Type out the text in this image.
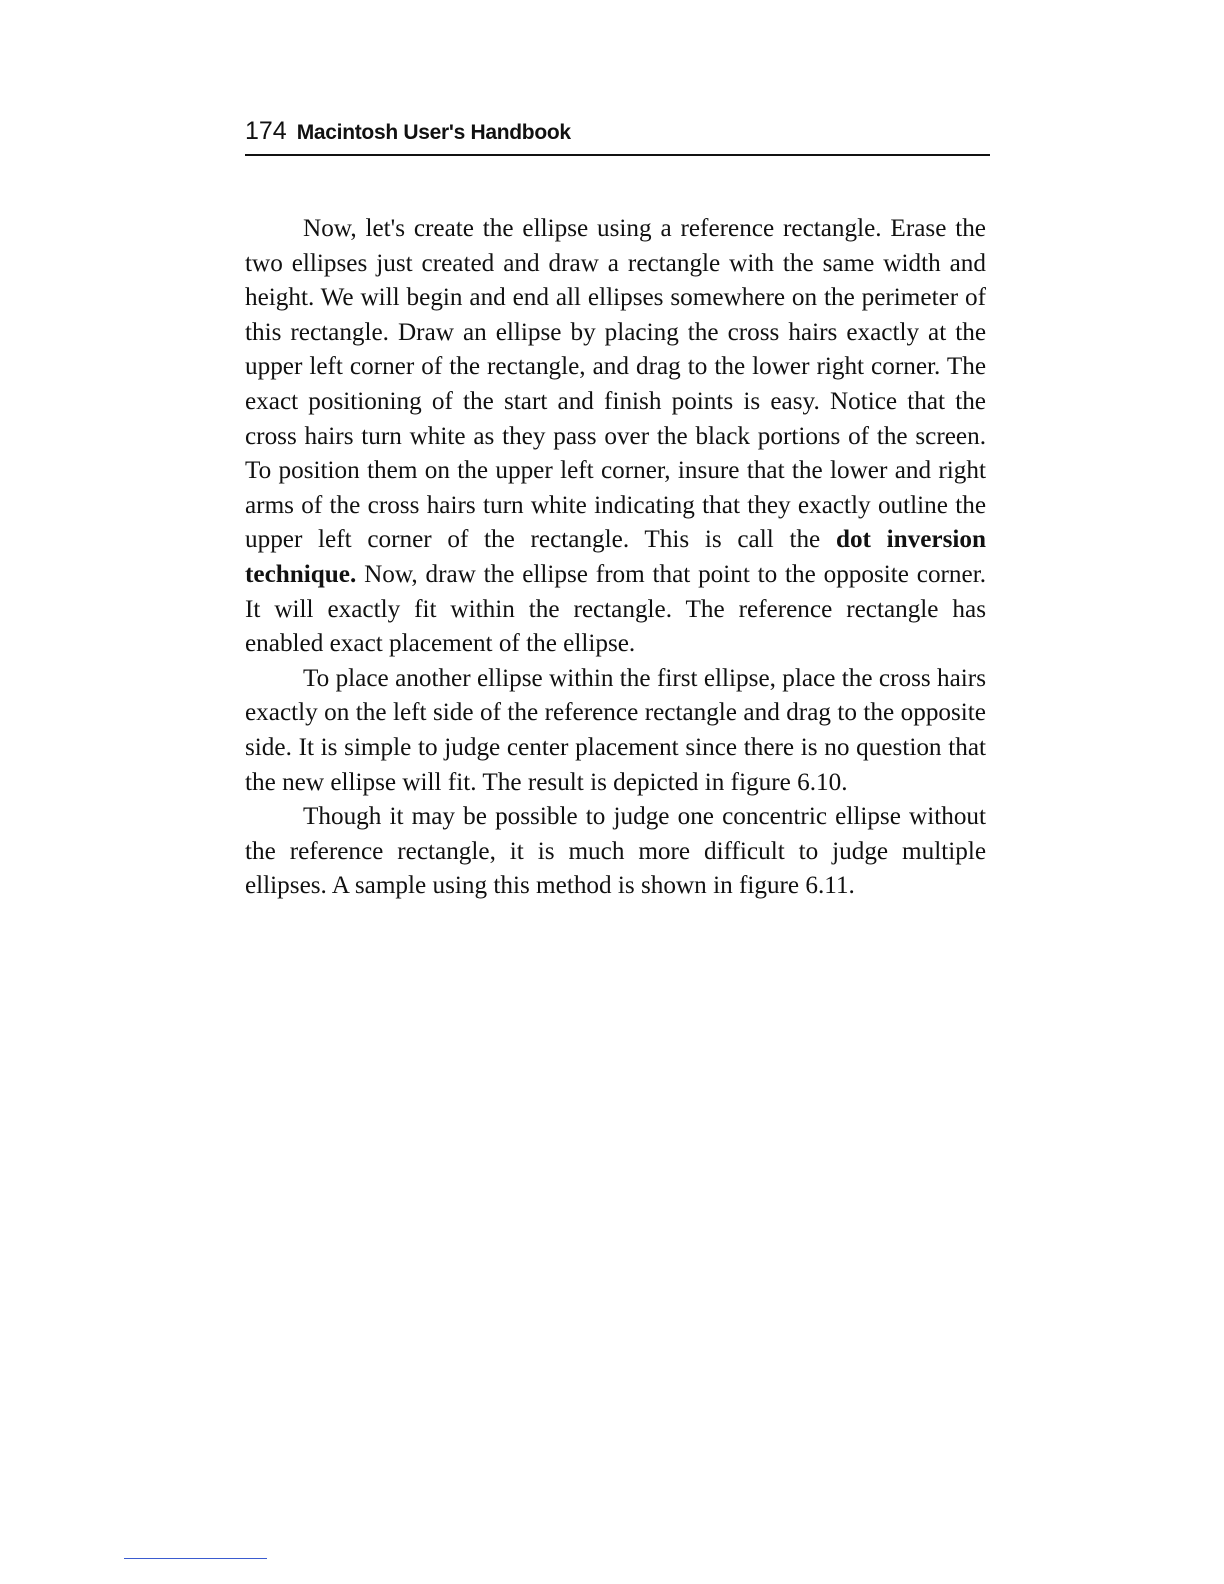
174 Macintosh User's Handbook

Now, let's create the ellipse using a reference rectangle. Erase the two ellipses just created and draw a rectangle with the same width and height. We will begin and end all ellipses somewhere on the perimeter of this rectangle. Draw an ellipse by placing the cross hairs exactly at the upper left corner of the rectangle, and drag to the lower right corner. The exact positioning of the start and finish points is easy. Notice that the cross hairs turn white as they pass over the black portions of the screen. To position them on the upper left corner, insure that the lower and right arms of the cross hairs turn white indicating that they exactly outline the upper left corner of the rectangle. This is call the dot inversion technique. Now, draw the ellipse from that point to the opposite corner. It will exactly fit within the rectangle. The reference rectangle has enabled exact placement of the ellipse.

To place another ellipse within the first ellipse, place the cross hairs exactly on the left side of the reference rectangle and drag to the opposite side. It is simple to judge center placement since there is no question that the new ellipse will fit. The result is depicted in figure 6.10.

Though it may be possible to judge one concentric ellipse without the reference rectangle, it is much more difficult to judge multiple ellipses. A sample using this method is shown in figure 6.11.
